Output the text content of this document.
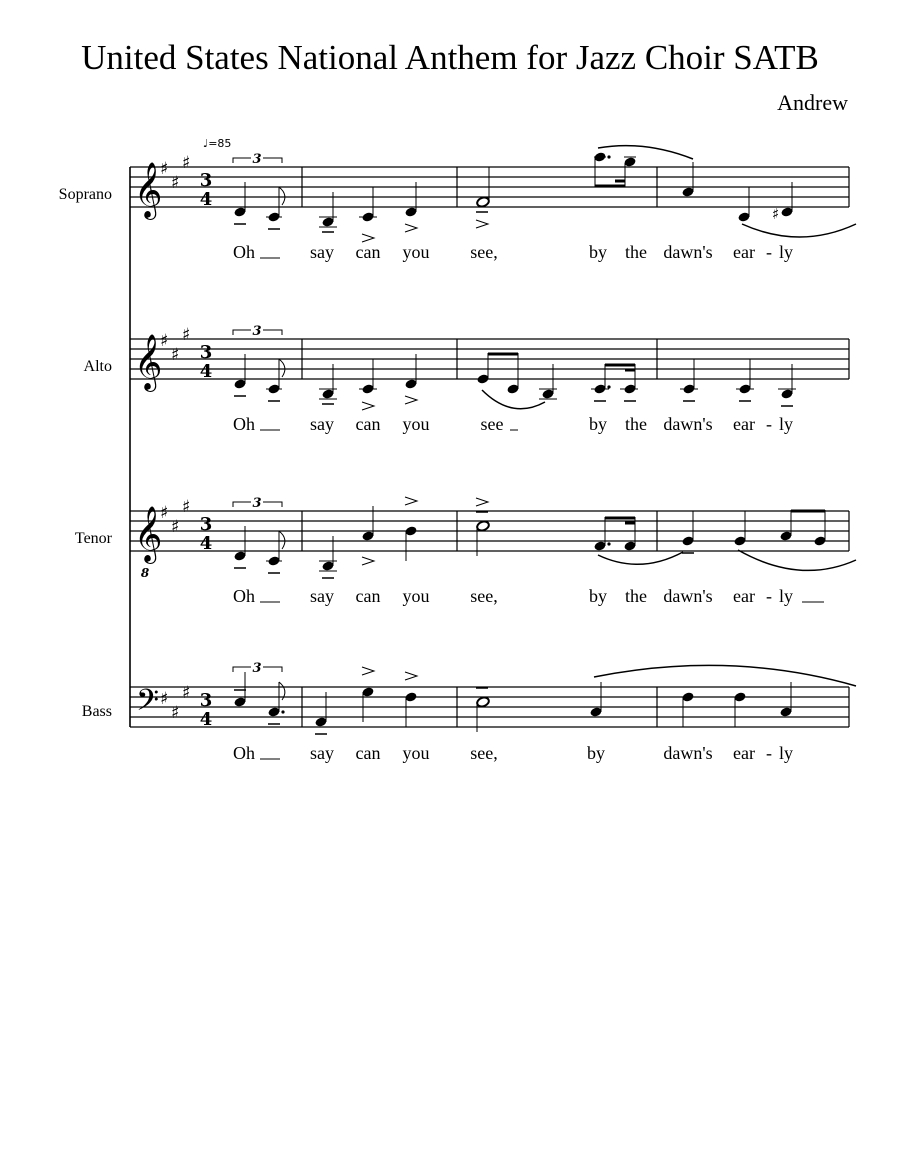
United States National Anthem for Jazz Choir SATB
Andrew
♩=85
Soprano 𝄞
♯
♯
♯
3
4
3
♯
Oh	say can you see,	by the dawn's ear - ly
Alto 𝄞
♯
♯
♯
3
4
3
Oh	say can you	see	by the dawn's ear - ly
Tenor 𝄞
8
♯
♯
♯
3
4
3
Oh	say can you see,	by the dawn's ear - ly
Bass 𝄢 ♯
♯
♯ 3
4
3
Oh	say can you see,	by	dawn's ear - ly
